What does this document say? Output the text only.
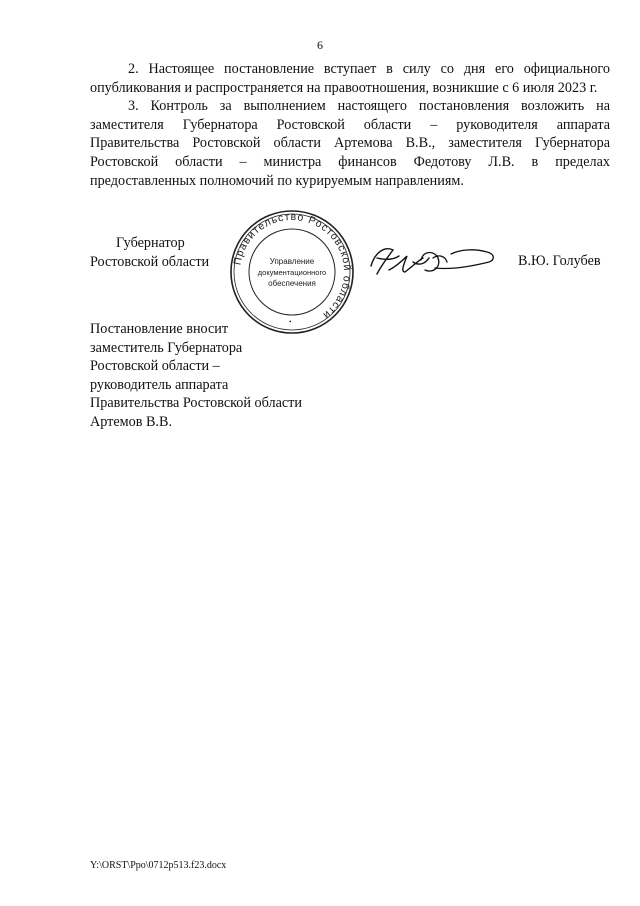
6

2. Настоящее постановление вступает в силу со дня его официального опубликования и распространяется на правоотношения, возникшие с 6 июля 2023 г.

3. Контроль за выполнением настоящего постановления возложить на заместителя Губернатора Ростовской области – руководителя аппарата Правительства Ростовской области Артемова В.В., заместителя Губернатора Ростовской области – министра финансов Федотову Л.В. в пределах предоставленных полномочий по курируемым направлениям.

Губернатор
Ростовской области Правительство Ростовской области
Управление
документационного
обеспечения
•
В.Ю. Голубев
Постановление вносит
заместитель Губернатора
Ростовской области –
руководитель аппарата
Правительства Ростовской области
Артемов В.В.
Y:\ORST\Ppo\0712p513.f23.docx
